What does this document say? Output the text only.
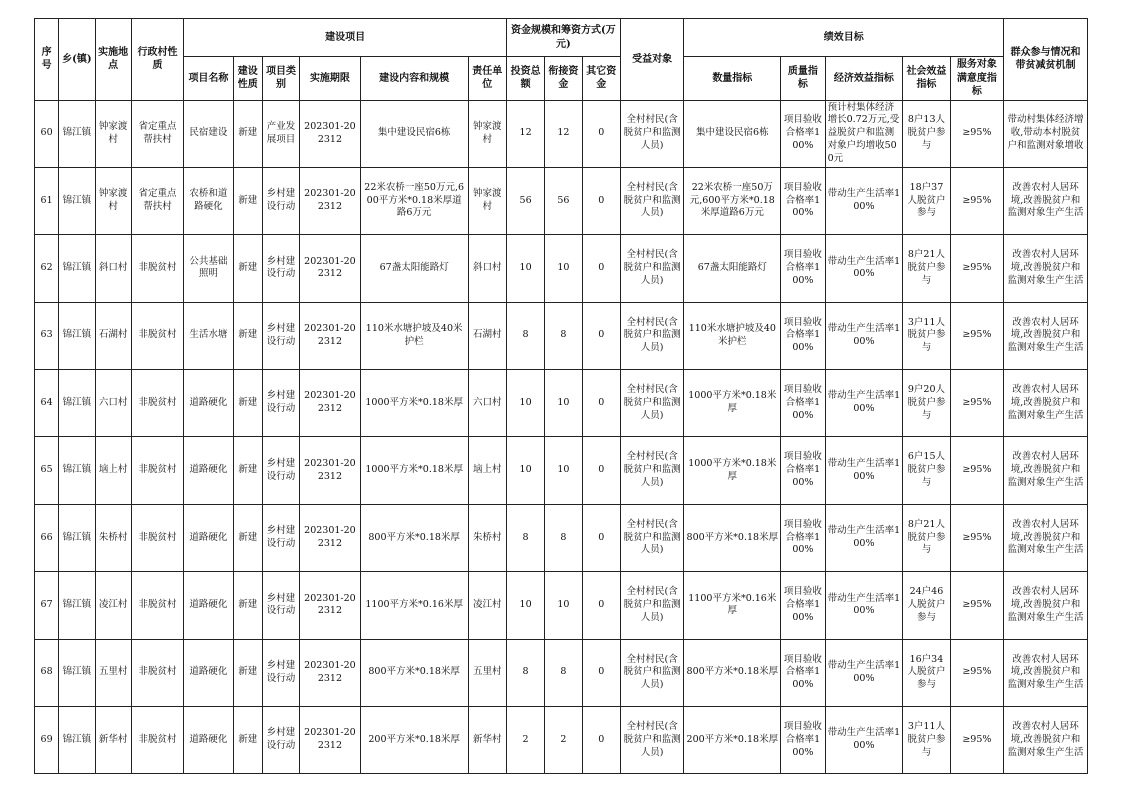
序号	乡(镇)	实施地点	行政村性质	建设项目						资金规模和筹资方式(万元)			受益对象	绩效目标					群众参与情况和带贫减贫机制
				项目名称	建设性质	项目类别	实施期限	建设内容和规模	责任单位	投资总额	衔接资金	其它资金		数量指标	质量指标	经济效益指标	社会效益指标	服务对象满意度指标	
60	锦江镇	钟家渡村	省定重点帮扶村	民宿建设	新建	产业发展项目	202301-202312	集中建设民宿6栋	钟家渡村	12	12	0	全村村民(含脱贫户和监测人员)	集中建设民宿6栋	项目验收合格率100%	预计村集体经济增长0.72万元,受益脱贫户和监测对象户均增收500元	8户13人脱贫户参与	≥95%	带动村集体经济增收,带动本村脱贫户和监测对象增收
61	锦江镇	钟家渡村	省定重点帮扶村	农桥和道路硬化	新建	乡村建设行动	202301-202312	22米农桥一座50万元,600平方米*0.18米厚道路6万元	钟家渡村	56	56	0	全村村民(含脱贫户和监测人员)	22米农桥一座50万元,600平方米*0.18米厚道路6万元	项目验收合格率100%	带动生产生活率100%	18户37人脱贫户参与	≥95%	改善农村人居环境,改善脱贫户和监测对象生产生活
62	锦江镇	斜口村	非脱贫村	公共基础照明	新建	乡村建设行动	202301-202312	67盏太阳能路灯	斜口村	10	10	0	全村村民(含脱贫户和监测人员)	67盏太阳能路灯	项目验收合格率100%	带动生产生活率100%	8户21人脱贫户参与	≥95%	改善农村人居环境,改善脱贫户和监测对象生产生活
63	锦江镇	石湖村	非脱贫村	生活水塘	新建	乡村建设行动	202301-202312	110米水塘护坡及40米护栏	石湖村	8	8	0	全村村民(含脱贫户和监测人员)	110米水塘护坡及40米护栏	项目验收合格率100%	带动生产生活率100%	3户11人脱贫户参与	≥95%	改善农村人居环境,改善脱贫户和监测对象生产生活
64	锦江镇	六口村	非脱贫村	道路硬化	新建	乡村建设行动	202301-202312	1000平方米*0.18米厚	六口村	10	10	0	全村村民(含脱贫户和监测人员)	1000平方米*0.18米厚	项目验收合格率100%	带动生产生活率100%	9户20人脱贫户参与	≥95%	改善农村人居环境,改善脱贫户和监测对象生产生活
65	锦江镇	垴上村	非脱贫村	道路硬化	新建	乡村建设行动	202301-202312	1000平方米*0.18米厚	垴上村	10	10	0	全村村民(含脱贫户和监测人员)	1000平方米*0.18米厚	项目验收合格率100%	带动生产生活率100%	6户15人脱贫户参与	≥95%	改善农村人居环境,改善脱贫户和监测对象生产生活
66	锦江镇	朱桥村	非脱贫村	道路硬化	新建	乡村建设行动	202301-202312	800平方米*0.18米厚	朱桥村	8	8	0	全村村民(含脱贫户和监测人员)	800平方米*0.18米厚	项目验收合格率100%	带动生产生活率100%	8户21人脱贫户参与	≥95%	改善农村人居环境,改善脱贫户和监测对象生产生活
67	锦江镇	凌江村	非脱贫村	道路硬化	新建	乡村建设行动	202301-202312	1100平方米*0.16米厚	凌江村	10	10	0	全村村民(含脱贫户和监测人员)	1100平方米*0.16米厚	项目验收合格率100%	带动生产生活率100%	24户46人脱贫户参与	≥95%	改善农村人居环境,改善脱贫户和监测对象生产生活
68	锦江镇	五里村	非脱贫村	道路硬化	新建	乡村建设行动	202301-202312	800平方米*0.18米厚	五里村	8	8	0	全村村民(含脱贫户和监测人员)	800平方米*0.18米厚	项目验收合格率100%	带动生产生活率100%	16户34人脱贫户参与	≥95%	改善农村人居环境,改善脱贫户和监测对象生产生活
69	锦江镇	新华村	非脱贫村	道路硬化	新建	乡村建设行动	202301-202312	200平方米*0.18米厚	新华村	2	2	0	全村村民(含脱贫户和监测人员)	200平方米*0.18米厚	项目验收合格率100%	带动生产生活率100%	3户11人脱贫户参与	≥95%	改善农村人居环境,改善脱贫户和监测对象生产生活
